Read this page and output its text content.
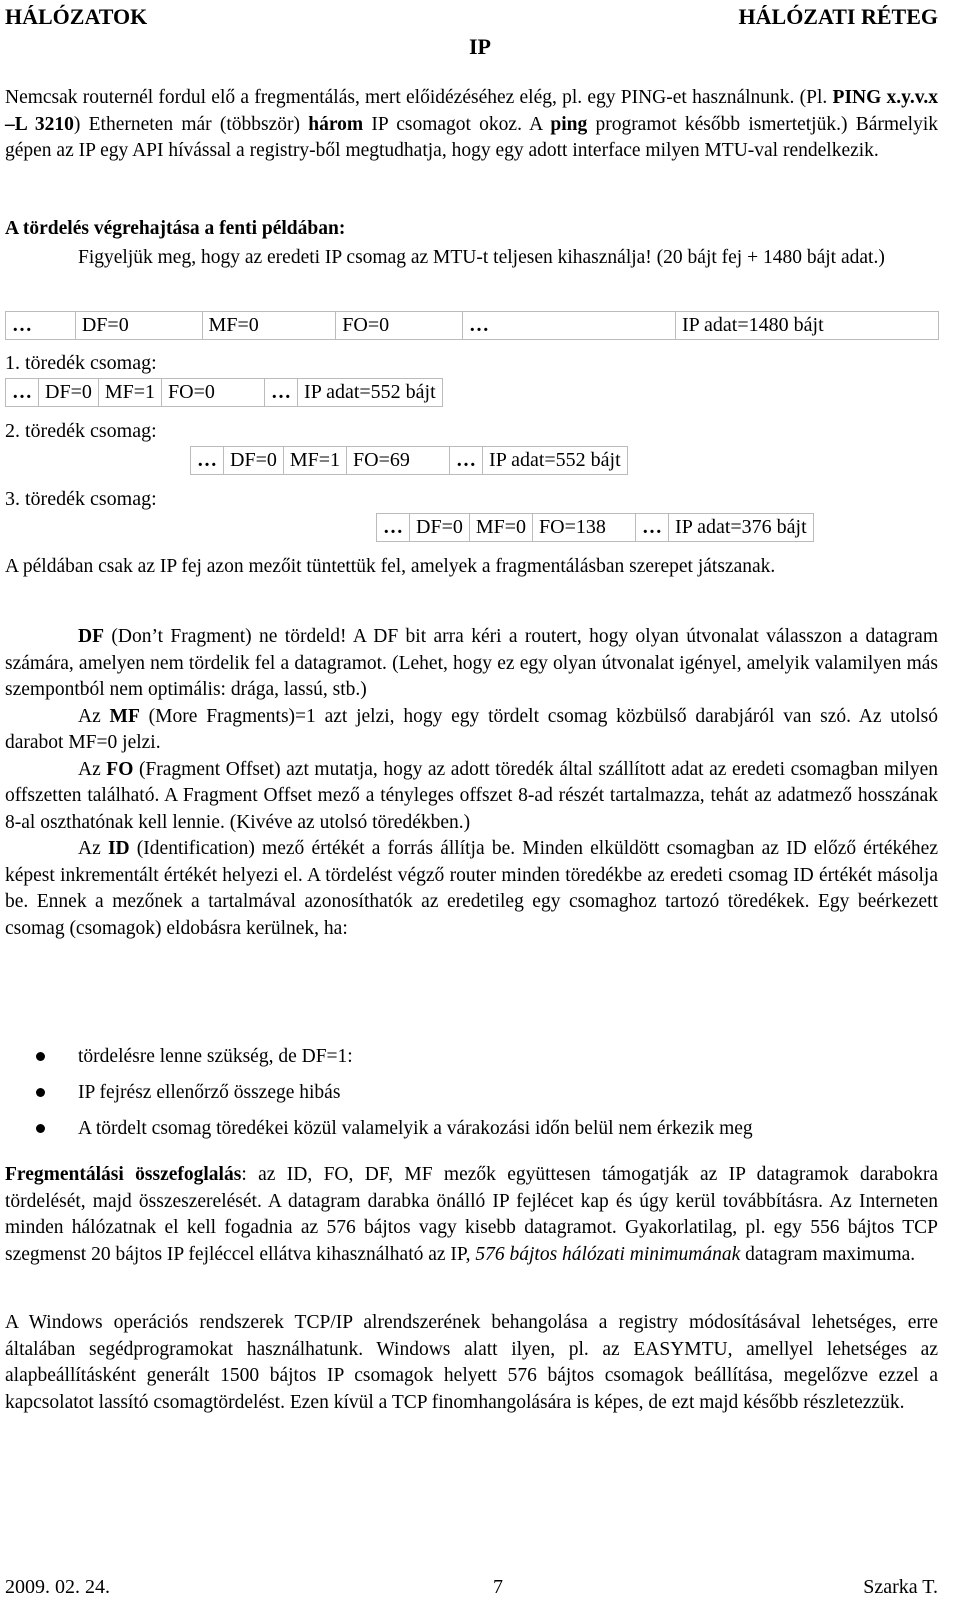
HÁLÓZATOK	HÁLÓZATI RÉTEG
IP

Nemcsak routernél fordul elő a fregmentálás, mert előidézéséhez elég, pl. egy PING-et használnunk. (Pl. PING x.y.v.x –L 3210) Etherneten már (többször) három IP csomagot okoz. A ping programot később ismertetjük.) Bármelyik gépen az IP egy API hívással a registry-ből megtudhatja, hogy egy adott interface milyen MTU-val rendelkezik.

A tördelés végrehajtása a fenti példában:

Figyeljük meg, hogy az eredeti IP csomag az MTU-t teljesen kihasználja! (20 bájt fej + 1480 bájt adat.)

…	DF=0	MF=0	FO=0	…	IP adat=1480 bájt
1. töredék csomag:
…	DF=0	MF=1	FO=0	…	IP adat=552 bájt
2. töredék csomag:
…	DF=0	MF=1	FO=69	…	IP adat=552 bájt
3. töredék csomag:
…	DF=0	MF=0	FO=138	…	IP adat=376 bájt

A példában csak az IP fej azon mezőit tüntettük fel, amelyek a fragmentálásban szerepet játszanak.

DF (Don’t Fragment) ne tördeld! A DF bit arra kéri a routert, hogy olyan útvonalat válasszon a datagram számára, amelyen nem tördelik fel a datagramot. (Lehet, hogy ez egy olyan útvonalat igényel, amelyik valamilyen más szempontból nem optimális: drága, lassú, stb.)

Az MF (More Fragments)=1 azt jelzi, hogy egy tördelt csomag közbülső darabjáról van szó. Az utolsó darabot MF=0 jelzi.

Az FO (Fragment Offset) azt mutatja, hogy az adott töredék által szállított adat az eredeti csomagban milyen offszetten található. A Fragment Offset mező a tényleges offszet 8-ad részét tartalmazza, tehát az adatmező hosszának 8-al oszthatónak kell lennie. (Kivéve az utolsó töredékben.)

Az ID (Identification) mező értékét a forrás állítja be. Minden elküldött csomagban az ID előző értékéhez képest inkrementált értékét helyezi el. A tördelést végző router minden töredékbe az eredeti csomag ID értékét másolja be. Ennek a mezőnek a tartalmával azonosíthatók az eredetileg egy csomaghoz tartozó töredékek. Egy beérkezett csomag (csomagok) eldobásra kerülnek, ha:

tördelésre lenne szükség, de DF=1:
IP fejrész ellenőrző összege hibás
A tördelt csomag töredékei közül valamelyik a várakozási időn belül nem érkezik meg

Fregmentálási összefoglalás: az ID, FO, DF, MF mezők együttesen támogatják az IP datagramok darabokra tördelését, majd összeszerelését. A datagram darabka önálló IP fejlécet kap és úgy kerül továbbításra. Az Interneten minden hálózatnak el kell fogadnia az 576 bájtos vagy kisebb datagramot. Gyakorlatilag, pl. egy 556 bájtos TCP szegmenst 20 bájtos IP fejléccel ellátva kihasználható az IP, 576 bájtos hálózati minimumának datagram maximuma.

A Windows operációs rendszerek TCP/IP alrendszerének behangolása a registry módosításával lehetséges, erre általában segédprogramokat használhatunk. Windows alatt ilyen, pl. az EASYMTU, amellyel lehetséges az alapbeállításként generált 1500 bájtos IP csomagok helyett 576 bájtos csomagok beállítása, megelőzve ezzel a kapcsolatot lassító csomagtördelést. Ezen kívül a TCP finomhangolására is képes, de ezt majd később részletezzük.

2009. 02. 24.	7	Szarka T.
